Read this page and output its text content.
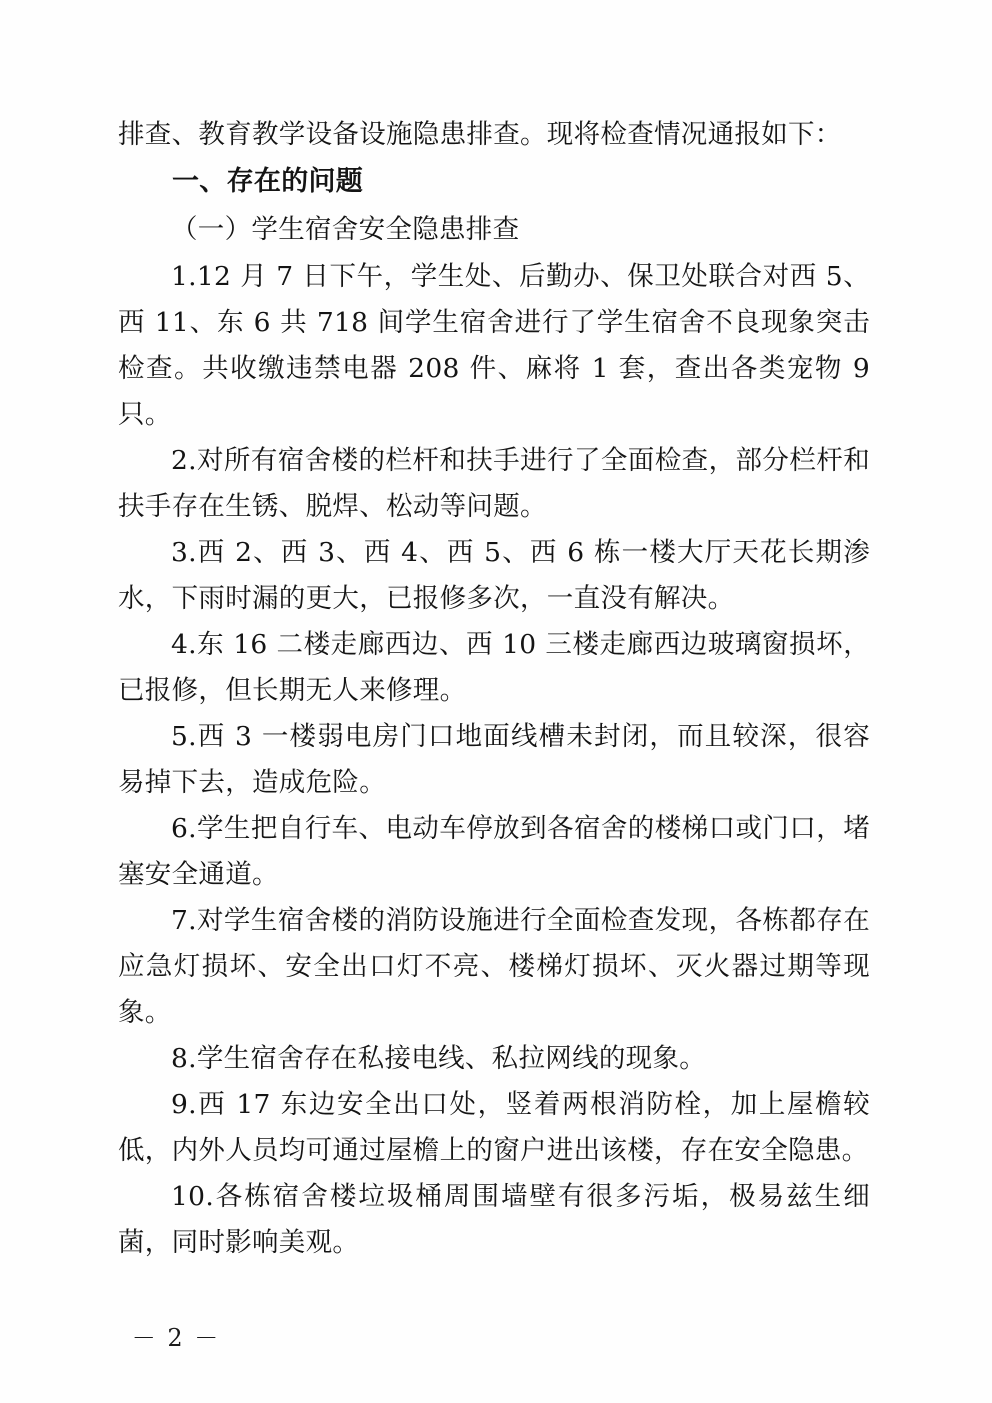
排查、教育教学设备设施隐患排查。现将检查情况通报如下：

一、存在的问题

（一）学生宿舍安全隐患排查

1.12 月 7 日下午，学生处、后勤办、保卫处联合对西 5、西 11、东 6 共 718 间学生宿舍进行了学生宿舍不良现象突击检查。共收缴违禁电器 208 件、麻将 1 套，查出各类宠物 9 只。

2.对所有宿舍楼的栏杆和扶手进行了全面检查，部分栏杆和扶手存在生锈、脱焊、松动等问题。

3.西 2、西 3、西 4、西 5、西 6 栋一楼大厅天花长期渗水，下雨时漏的更大，已报修多次，一直没有解决。

4.东 16 二楼走廊西边、西 10 三楼走廊西边玻璃窗损坏，已报修，但长期无人来修理。

5.西 3 一楼弱电房门口地面线槽未封闭，而且较深，很容易掉下去，造成危险。

6.学生把自行车、电动车停放到各宿舍的楼梯口或门口，堵塞安全通道。

7.对学生宿舍楼的消防设施进行全面检查发现，各栋都存在应急灯损坏、安全出口灯不亮、楼梯灯损坏、灭火器过期等现象。

8.学生宿舍存在私接电线、私拉网线的现象。

9.西 17 东边安全出口处，竖着两根消防栓，加上屋檐较低，内外人员均可通过屋檐上的窗户进出该楼，存在安全隐患。

10.各栋宿舍楼垃圾桶周围墙壁有很多污垢，极易兹生细菌，同时影响美观。

－ 2 －
